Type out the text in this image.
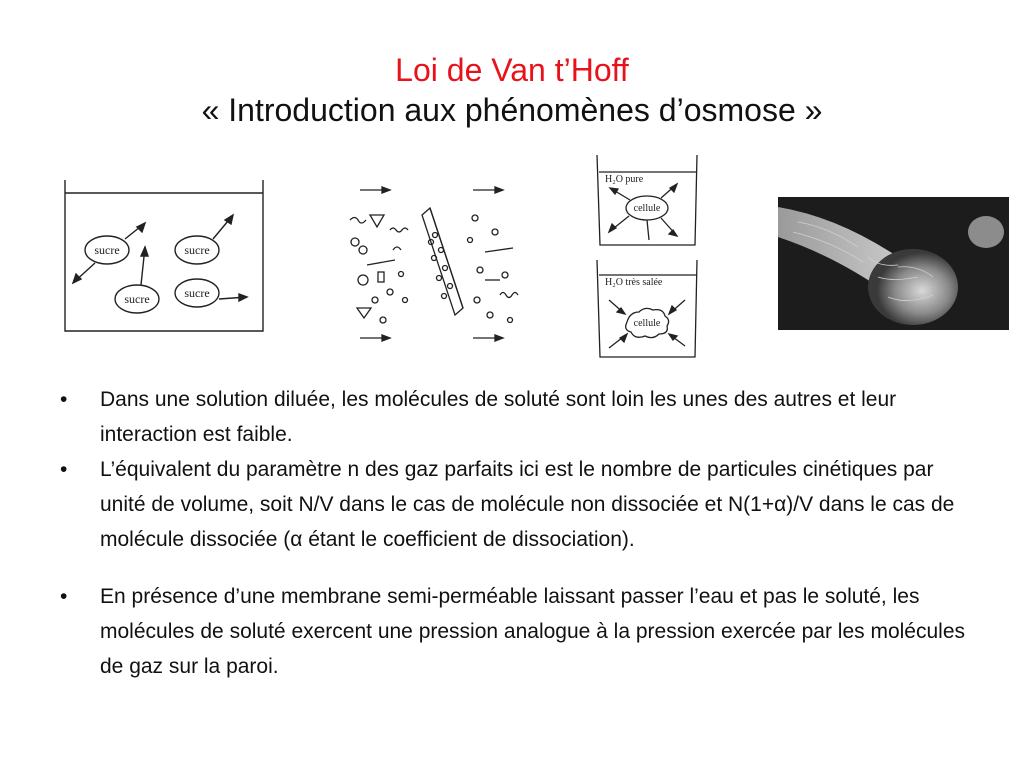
Loi de Van t’Hoff
« Introduction aux phénomènes d’osmose »
sucre	sucre
sucre	sucre
H₂O pure
cellule
H₂O très salée
cellule
• Dans une solution diluée, les molécules de soluté sont loin les unes des autres et leur interaction est faible.
• L’équivalent du paramètre n des gaz parfaits ici est le nombre de particules cinétiques par unité de volume, soit N/V dans le cas de molécule non dissociée et N(1+α)/V dans le cas de molécule dissociée (α étant le coefficient de dissociation).
• En présence d’une membrane semi-perméable laissant passer l’eau et pas le soluté, les molécules de soluté exercent une pression analogue à la pression exercée par les molécules de gaz sur la paroi.
